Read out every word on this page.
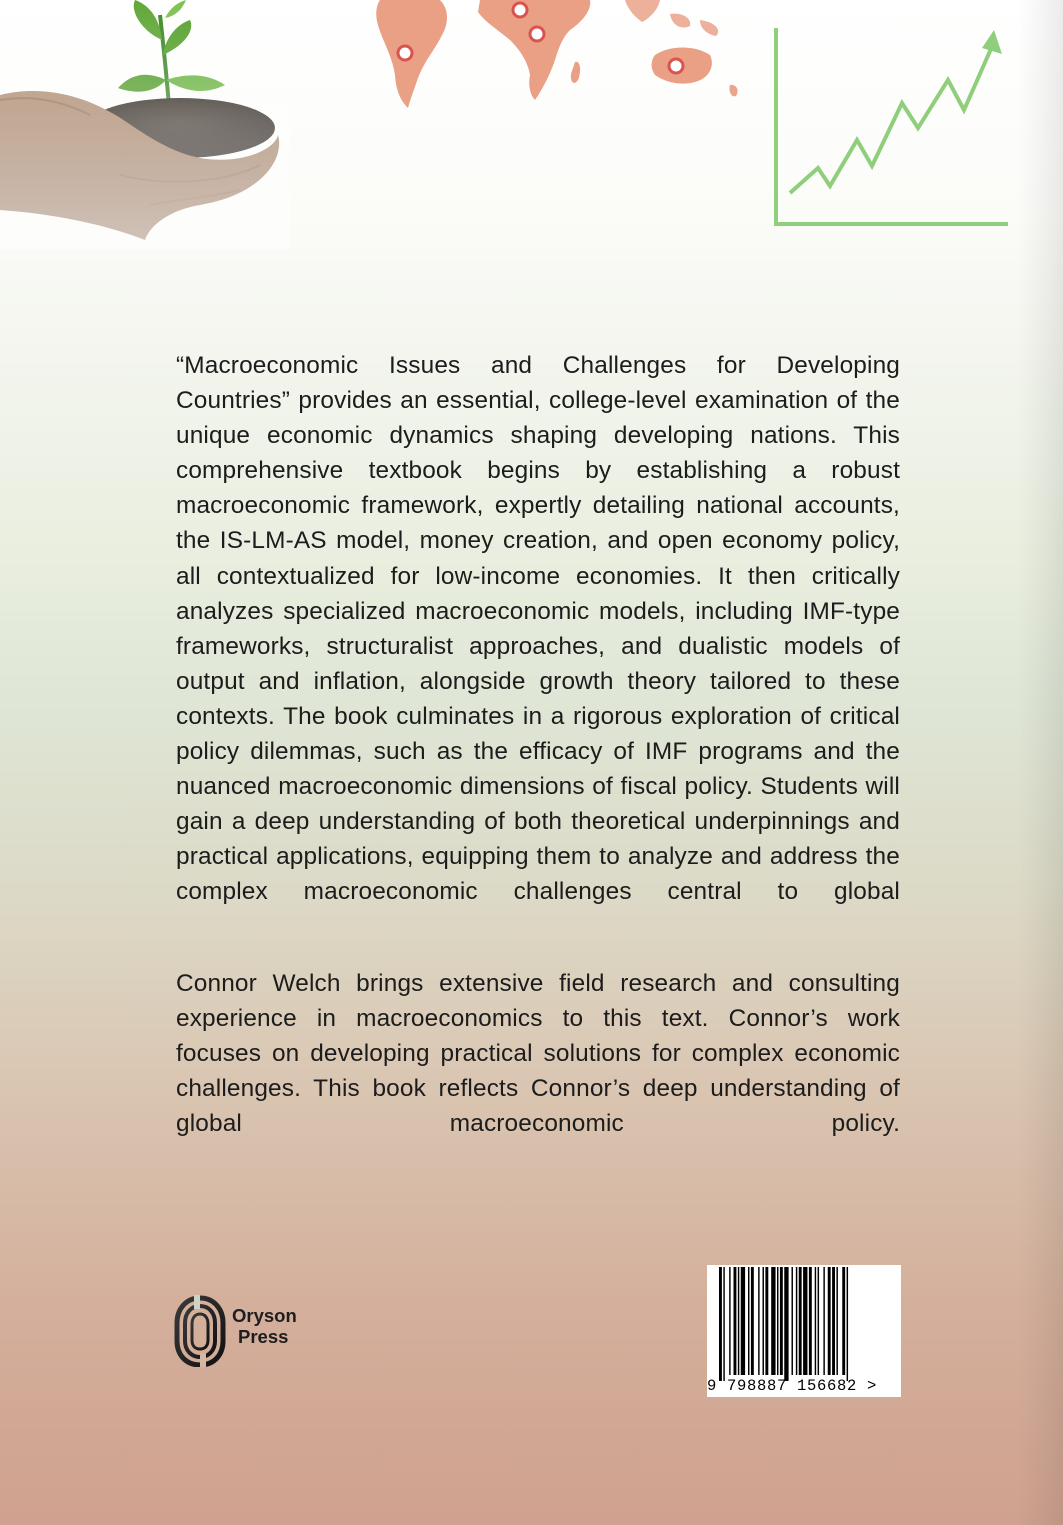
“Macroeconomic Issues and Challenges for Developing Countries” provides an essential, college-level examination of the unique economic dynamics shaping developing nations. This comprehensive textbook begins by establishing a robust macroeconomic framework, expertly detailing national accounts, the IS-LM-AS model, money creation, and open economy policy, all contextualized for low-income economies. It then critically analyzes specialized macroeconomic models, including IMF-type frameworks, structuralist approaches, and dualistic models of output and inflation, alongside growth theory tailored to these contexts. The book culminates in a rigorous exploration of critical policy dilemmas, such as the efficacy of IMF programs and the nuanced macroeconomic dimensions of fiscal policy. Students will gain a deep understanding of both theoretical underpinnings and practical applications, equipping them to analyze and address the complex macroeconomic challenges central to global

Connor Welch brings extensive field research and consulting experience in macroeconomics to this text. Connor’s work focuses on developing practical solutions for complex economic challenges. This book reflects Connor’s deep understanding of global macroeconomic policy.

Oryson
Press
9 798887 156682 >
